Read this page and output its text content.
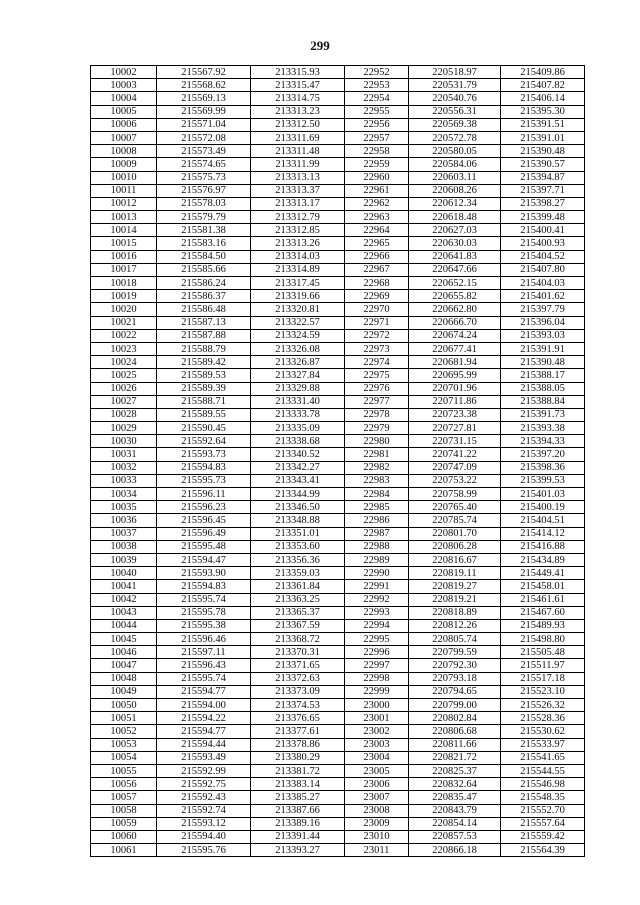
299
10002	215567.92	213315.93	22952	220518.97	215409.86
10003	215568.62	213315.47	22953	220531.79	215407.82
10004	215569.13	213314.75	22954	220540.76	215406.14
10005	215569.99	213313.23	22955	220556.31	215395.30
10006	215571.04	213312.50	22956	220569.38	215391.51
10007	215572.08	213311.69	22957	220572.78	215391.01
10008	215573.49	213311.48	22958	220580.05	215390.48
10009	215574.65	213311.99	22959	220584.06	215390.57
10010	215575.73	213313.13	22960	220603.11	215394.87
10011	215576.97	213313.37	22961	220608.26	215397.71
10012	215578.03	213313.17	22962	220612.34	215398.27
10013	215579.79	213312.79	22963	220618.48	215399.48
10014	215581.38	213312.85	22964	220627.03	215400.41
10015	215583.16	213313.26	22965	220630.03	215400.93
10016	215584.50	213314.03	22966	220641.83	215404.52
10017	215585.66	213314.89	22967	220647.66	215407.80
10018	215586.24	213317.45	22968	220652.15	215404.03
10019	215586.37	213319.66	22969	220655.82	215401.62
10020	215586.48	213320.81	22970	220662.80	215397.79
10021	215587.13	213322.57	22971	220666.70	215396.04
10022	215587.88	213324.59	22972	220674.24	215393.03
10023	215588.79	213326.08	22973	220677.41	215391.91
10024	215589.42	213326.87	22974	220681.94	215390.48
10025	215589.53	213327.84	22975	220695.99	215388.17
10026	215589.39	213329.88	22976	220701.96	215388.05
10027	215588.71	213331.40	22977	220711.86	215388.84
10028	215589.55	213333.78	22978	220723.38	215391.73
10029	215590.45	213335.09	22979	220727.81	215393.38
10030	215592.64	213338.68	22980	220731.15	215394.33
10031	215593.73	213340.52	22981	220741.22	215397.20
10032	215594.83	213342.27	22982	220747.09	215398.36
10033	215595.73	213343.41	22983	220753.22	215399.53
10034	215596.11	213344.99	22984	220758.99	215401.03
10035	215596.23	213346.50	22985	220765.40	215400.19
10036	215596.45	213348.88	22986	220785.74	215404.51
10037	215596.49	213351.01	22987	220801.70	215414.12
10038	215595.48	213353.60	22988	220806.28	215416.88
10039	215594.47	213356.36	22989	220816.67	215434.89
10040	215593.90	213359.03	22990	220819.11	215449.41
10041	215594.83	213361.84	22991	220819.27	215458.01
10042	215595.74	213363.25	22992	220819.21	215461.61
10043	215595.78	213365.37	22993	220818.89	215467.60
10044	215595.38	213367.59	22994	220812.26	215489.93
10045	215596.46	213368.72	22995	220805.74	215498.80
10046	215597.11	213370.31	22996	220799.59	215505.48
10047	215596.43	213371.65	22997	220792.30	215511.97
10048	215595.74	213372.63	22998	220793.18	215517.18
10049	215594.77	213373.09	22999	220794.65	215523.10
10050	215594.00	213374.53	23000	220799.00	215526.32
10051	215594.22	213376.65	23001	220802.84	215528.36
10052	215594.77	213377.61	23002	220806.68	215530.62
10053	215594.44	213378.86	23003	220811.66	215533.97
10054	215593.49	213380.29	23004	220821.72	215541.65
10055	215592.99	213381.72	23005	220825.37	215544.55
10056	215592.75	213383.14	23006	220832.64	215546.98
10057	215592.43	213385.27	23007	220835.47	215548.35
10058	215592.74	213387.66	23008	220843.79	215552.70
10059	215593.12	213389.16	23009	220854.14	215557.64
10060	215594.40	213391.44	23010	220857.53	215559.42
10061	215595.76	213393.27	23011	220866.18	215564.39
